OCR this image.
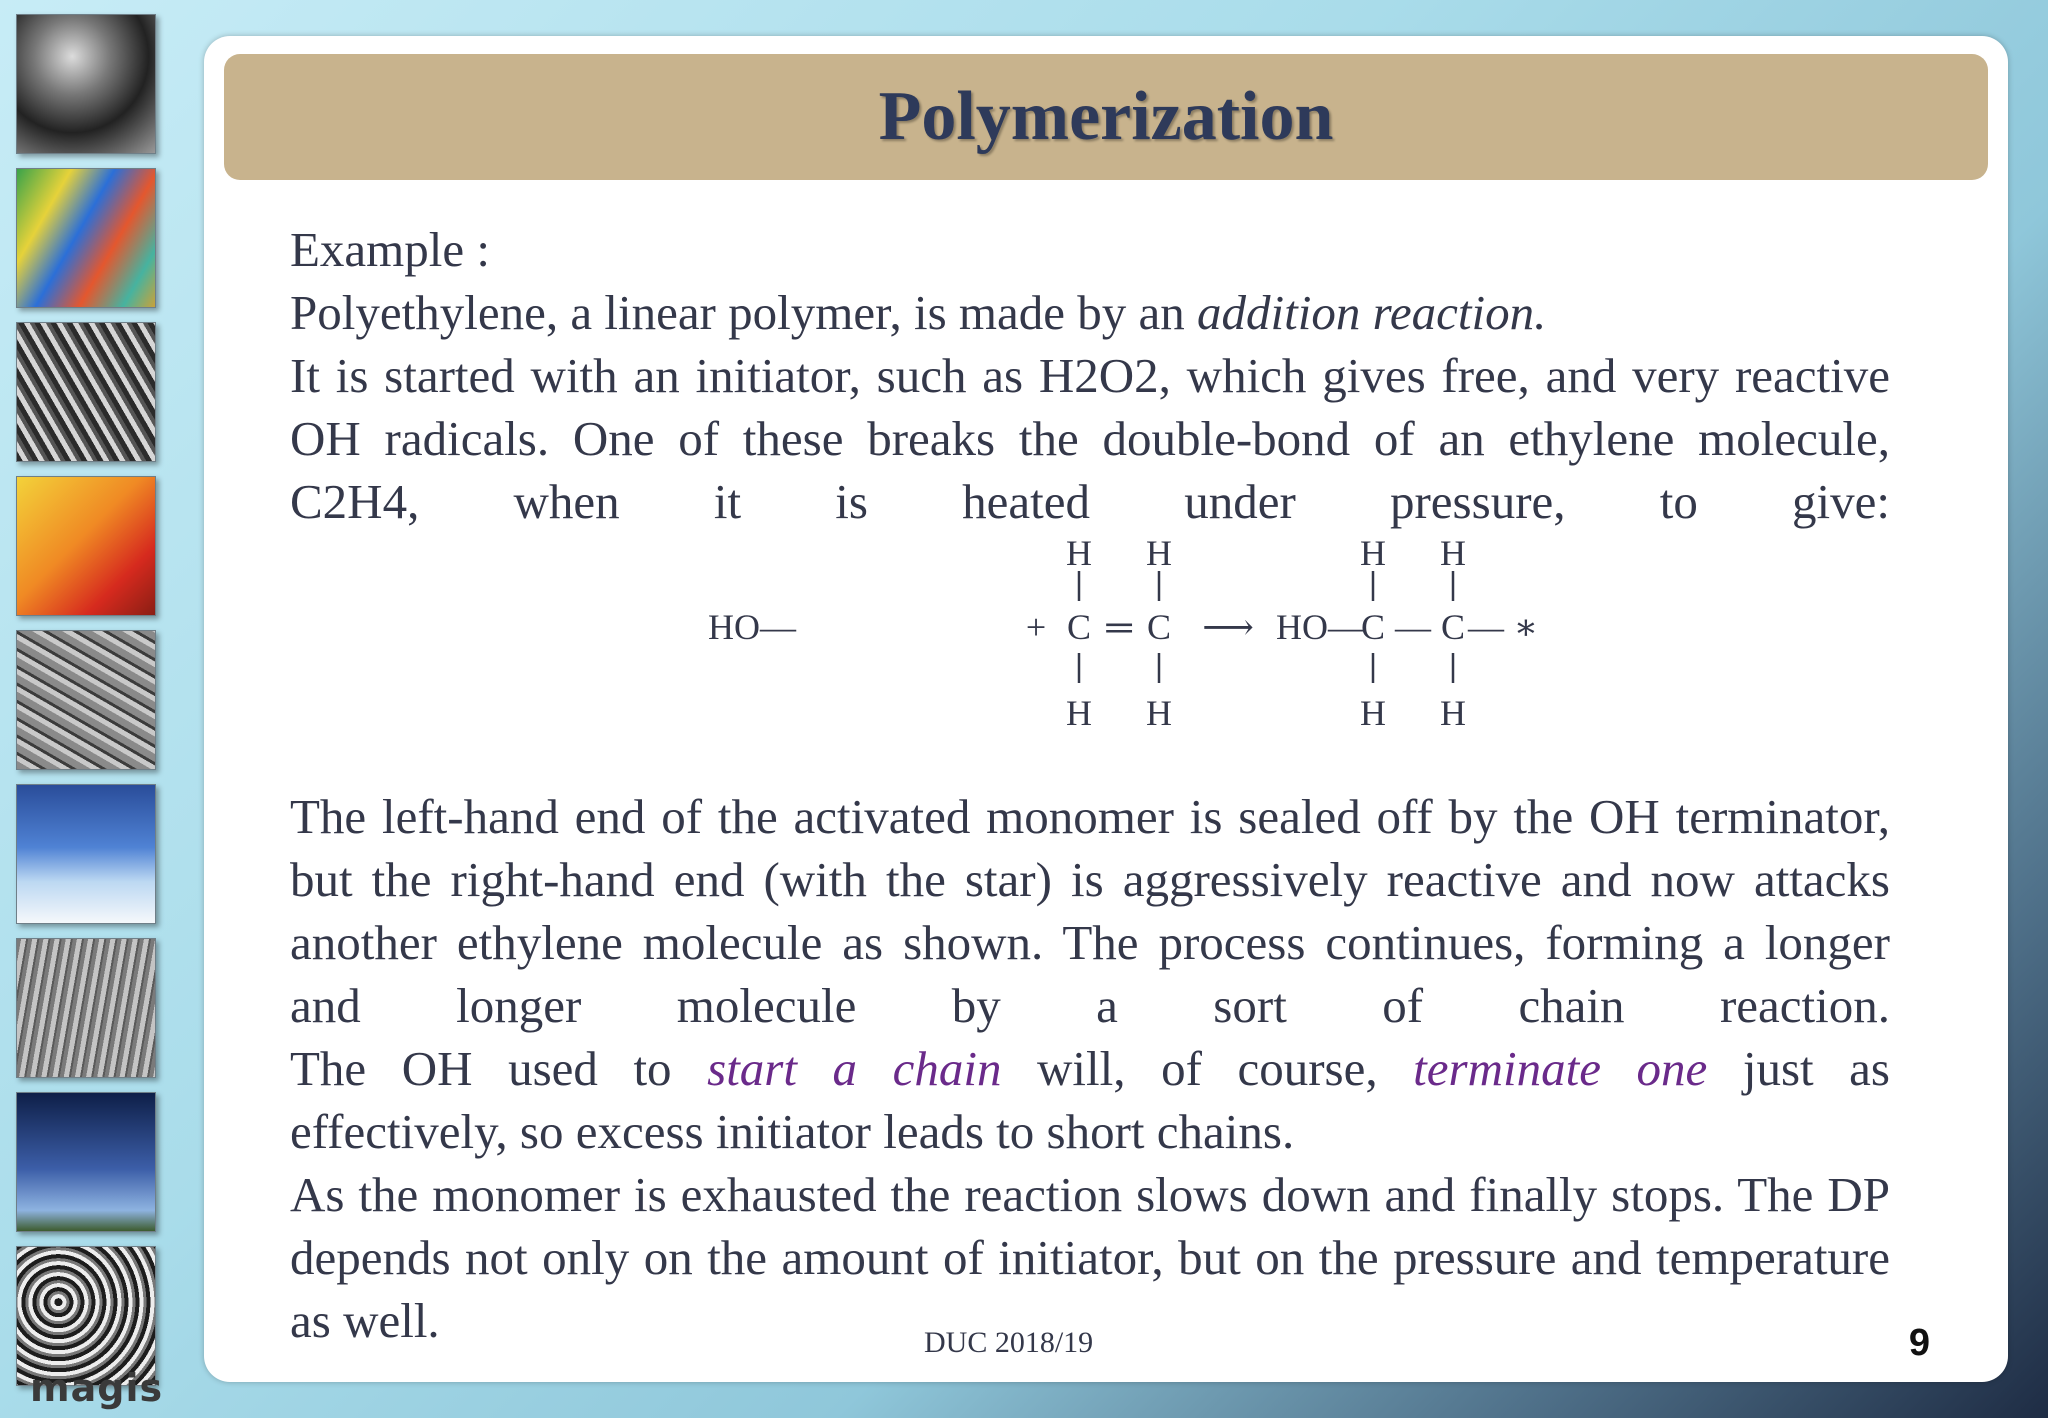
magis
Polymerization

Example :

Polyethylene, a linear polymer, is made by an addition reaction.

It is started with an initiator, such as H2O2, which gives free, and very reactive OH radicals. One of these breaks the double-bond of an ethylene molecule, C2H4, when it is heated under pressure, to give:

H H	H H
HO—	+ C ═ C ⟶ HO —
C — C — ∗
H H	H H

The left-hand end of the activated monomer is sealed off by the OH terminator, but the right-hand end (with the star) is aggressively reactive and now attacks another ethylene molecule as shown. The process continues, forming a longer and longer molecule by a sort of chain reaction.

The OH used to start a chain will, of course, terminate one just as

effectively, so excess initiator leads to short chains.

As the monomer is exhausted the reaction slows down and finally stops. The DP depends not only on the amount of initiator, but on the pressure and temperature as well.	DUC 2018/19	9
